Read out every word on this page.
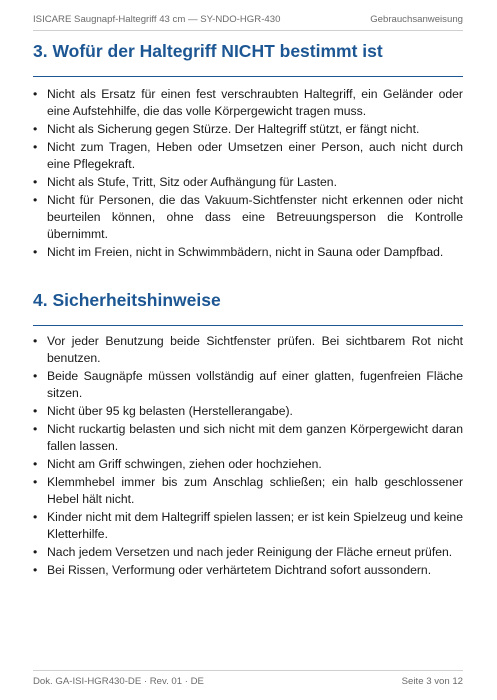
ISICARE Saugnapf-Haltegriff 43 cm — SY-NDO-HGR-430	Gebrauchsanweisung
3. Wofür der Haltegriff NICHT bestimmt ist
• Nicht als Ersatz für einen fest verschraubten Haltegriff, ein Geländer oder eine Aufstehhilfe, die das volle Körpergewicht tragen muss.
• Nicht als Sicherung gegen Stürze. Der Haltegriff stützt, er fängt nicht.
• Nicht zum Tragen, Heben oder Umsetzen einer Person, auch nicht durch eine Pflegekraft.
• Nicht als Stufe, Tritt, Sitz oder Aufhängung für Lasten.
• Nicht für Personen, die das Vakuum-Sichtfenster nicht erkennen oder nicht beurteilen können, ohne dass eine Betreuungsperson die Kontrolle übernimmt.
• Nicht im Freien, nicht in Schwimmbädern, nicht in Sauna oder Dampfbad.
4. Sicherheitshinweise
• Vor jeder Benutzung beide Sichtfenster prüfen. Bei sichtbarem Rot nicht benutzen.
• Beide Saugnäpfe müssen vollständig auf einer glatten, fugenfreien Fläche sitzen.
• Nicht über 95 kg belasten (Herstellerangabe).
• Nicht ruckartig belasten und sich nicht mit dem ganzen Körpergewicht daran fallen lassen.
• Nicht am Griff schwingen, ziehen oder hochziehen.
• Klemmhebel immer bis zum Anschlag schließen; ein halb geschlossener Hebel hält nicht.
• Kinder nicht mit dem Haltegriff spielen lassen; er ist kein Spielzeug und keine Kletterhilfe.
• Nach jedem Versetzen und nach jeder Reinigung der Fläche erneut prüfen.
• Bei Rissen, Verformung oder verhärtetem Dichtrand sofort aussondern.
Dok. GA-ISI-HGR430-DE · Rev. 01 · DE	Seite 3 von 12
